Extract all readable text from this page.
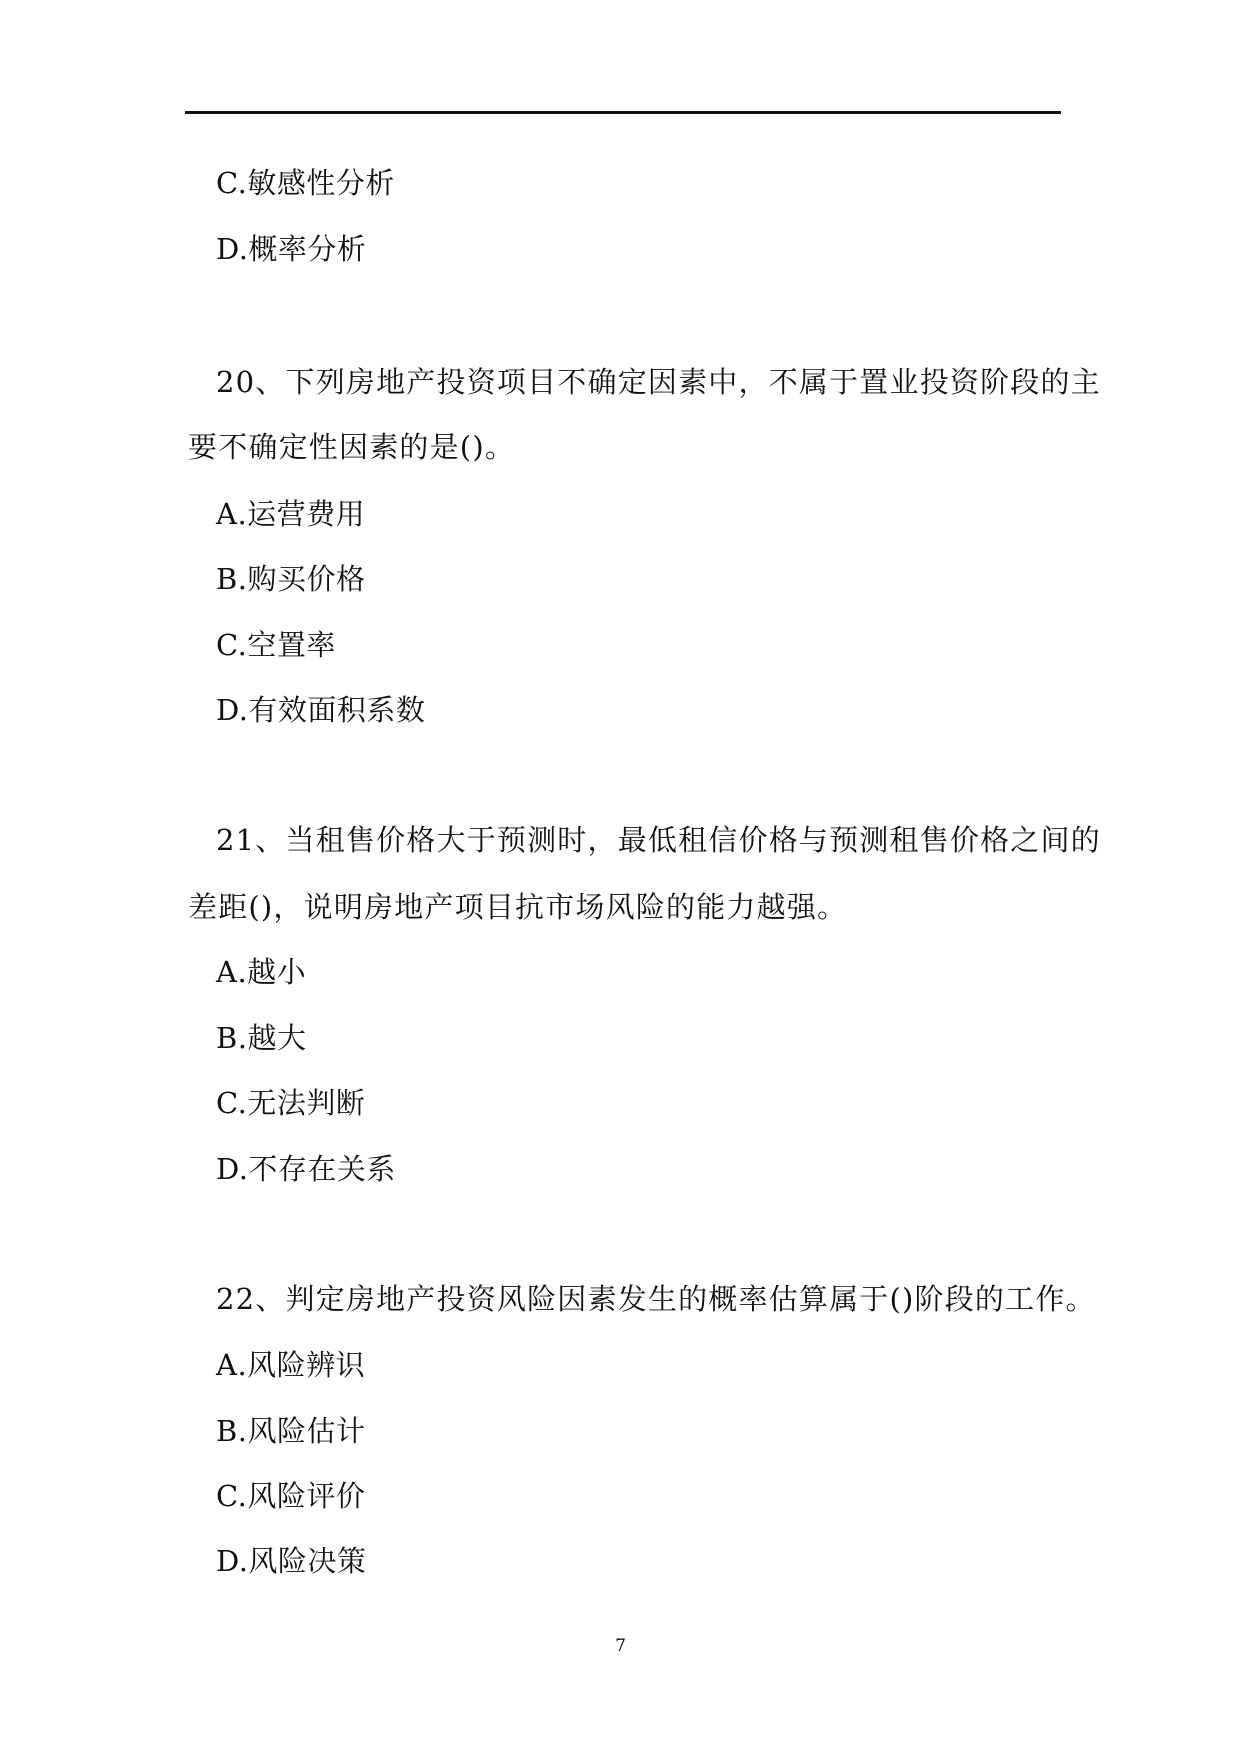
C.敏感性分析
D.概率分析
20、下列房地产投资项目不确定因素中，不属于置业投资阶段的主
要不确定性因素的是()。
A.运营费用
B.购买价格
C.空置率
D.有效面积系数
21、当租售价格大于预测时，最低租信价格与预测租售价格之间的
差距()，说明房地产项目抗市场风险的能力越强。
A.越小
B.越大
C.无法判断
D.不存在关系
22、判定房地产投资风险因素发生的概率估算属于()阶段的工作。
A.风险辨识
B.风险估计
C.风险评价
D.风险决策
7
